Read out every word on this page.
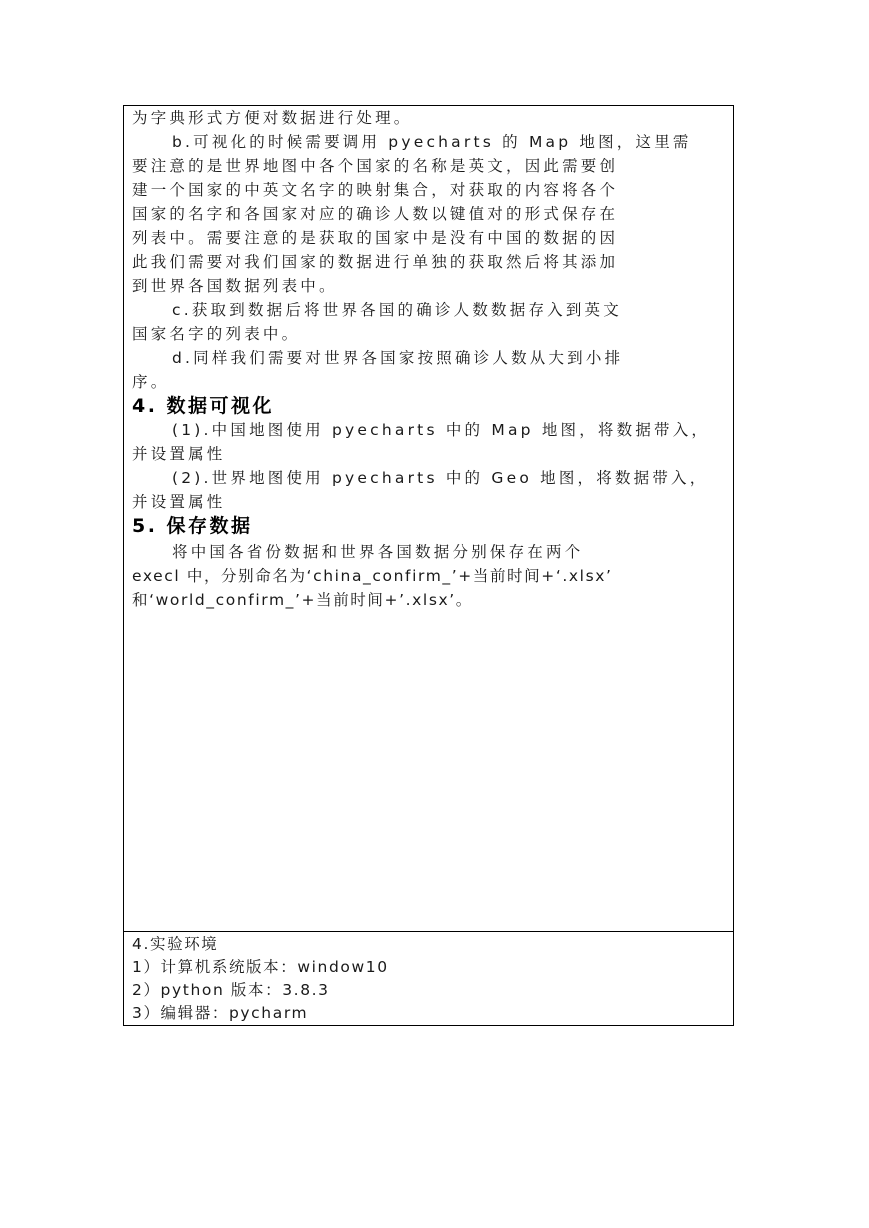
为字典形式方便对数据进行处理。
b.可视化的时候需要调用 pyecharts 的 Map 地图，这里需
要注意的是世界地图中各个国家的名称是英文，因此需要创
建一个国家的中英文名字的映射集合，对获取的内容将各个
国家的名字和各国家对应的确诊人数以键值对的形式保存在
列表中。需要注意的是获取的国家中是没有中国的数据的因
此我们需要对我们国家的数据进行单独的获取然后将其添加
到世界各国数据列表中。
c.获取到数据后将世界各国的确诊人数数据存入到英文
国家名字的列表中。
d.同样我们需要对世界各国家按照确诊人数从大到小排
序。
4. 数据可视化
(1).中国地图使用 pyecharts 中的 Map 地图，将数据带入，
并设置属性
(2).世界地图使用 pyecharts 中的 Geo 地图，将数据带入，
并设置属性
5. 保存数据
将中国各省份数据和世界各国数据分别保存在两个
execl 中，分别命名为‘china_confirm_’+当前时间+‘.xlsx’
和‘world_confirm_’+当前时间+’.xlsx’。
4.实验环境
1）计算机系统版本：window10
2）python 版本：3.8.3
3）编辑器：pycharm
